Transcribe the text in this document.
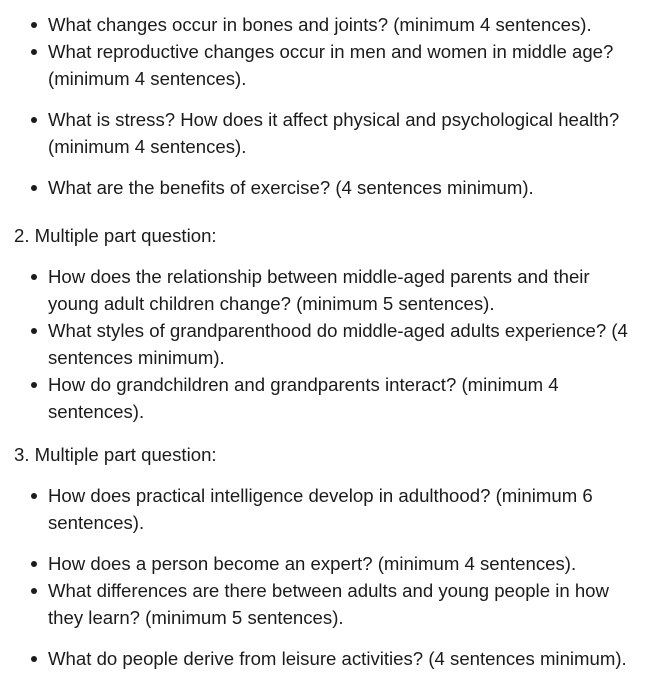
What changes occur in bones and joints? (minimum 4 sentences).
What reproductive changes occur in men and women in middle age? (minimum 4 sentences).
What is stress? How does it affect physical and psychological health? (minimum 4 sentences).
What are the benefits of exercise? (4 sentences minimum).
2. Multiple part question:
How does the relationship between middle-aged parents and their young adult children change? (minimum 5 sentences).
What styles of grandparenthood do middle-aged adults experience? (4 sentences minimum).
How do grandchildren and grandparents interact? (minimum 4 sentences).
3. Multiple part question:
How does practical intelligence develop in adulthood? (minimum 6 sentences).
How does a person become an expert? (minimum 4 sentences).
What differences are there between adults and young people in how they learn? (minimum 5 sentences).
What do people derive from leisure activities? (4 sentences minimum).
